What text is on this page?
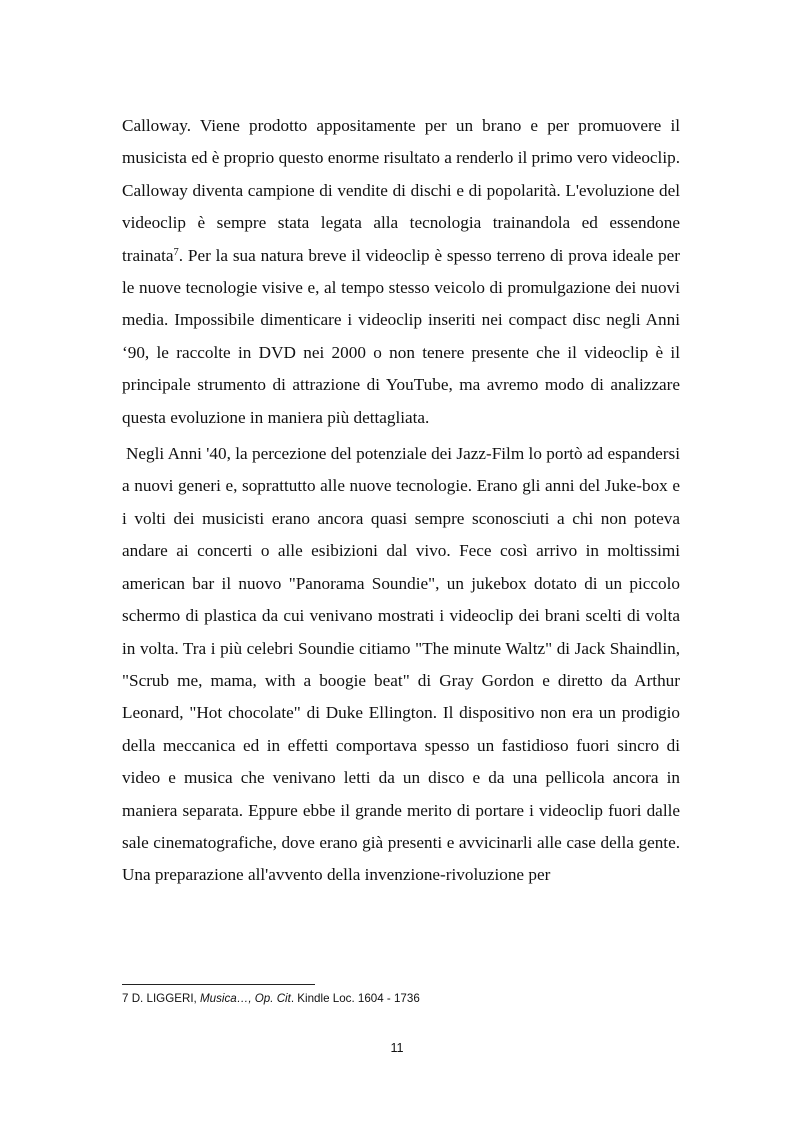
Calloway. Viene prodotto appositamente per un brano e per promuovere il musicista ed è proprio questo enorme risultato a renderlo il primo vero videoclip. Calloway diventa campione di vendite di dischi e di popolarità. L'evoluzione del videoclip è sempre stata legata alla tecnologia trainandola ed essendone trainata$^7$. Per la sua natura breve il videoclip è spesso terreno di prova ideale per le nuove tecnologie visive e, al tempo stesso veicolo di promulgazione dei nuovi media. Impossibile dimenticare i videoclip inseriti nei compact disc negli Anni ‘90, le raccolte in DVD nei 2000 o non tenere presente che il videoclip è il principale strumento di attrazione di YouTube, ma avremo modo di analizzare questa evoluzione in maniera più dettagliata.

Negli Anni '40, la percezione del potenziale dei Jazz-Film lo portò ad espandersi a nuovi generi e, soprattutto alle nuove tecnologie. Erano gli anni del Juke-box e i volti dei musicisti erano ancora quasi sempre sconosciuti a chi non poteva andare ai concerti o alle esibizioni dal vivo. Fece così arrivo in moltissimi american bar il nuovo "Panorama Soundie", un jukebox dotato di un piccolo schermo di plastica da cui venivano mostrati i videoclip dei brani scelti di volta in volta. Tra i più celebri Soundie citiamo "The minute Waltz" di Jack Shaindlin, "Scrub me, mama, with a boogie beat" di Gray Gordon e diretto da Arthur Leonard, "Hot chocolate" di Duke Ellington. Il dispositivo non era un prodigio della meccanica ed in effetti comportava spesso un fastidioso fuori sincro di video e musica che venivano letti da un disco e da una pellicola ancora in maniera separata. Eppure ebbe il grande merito di portare i videoclip fuori dalle sale cinematografiche, dove erano già presenti e avvicinarli alle case della gente. Una preparazione all'avvento della invenzione-rivoluzione per

7 D. LIGGERI, Musica…, Op. Cit. Kindle Loc. 1604 - 1736
11
